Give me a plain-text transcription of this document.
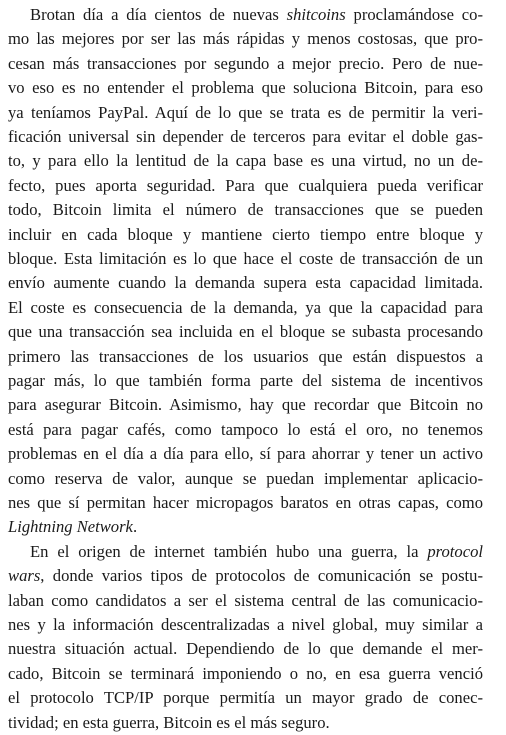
Brotan día a día cientos de nuevas shitcoins proclamándose co-
mo las mejores por ser las más rápidas y menos costosas, que pro-
cesan más transacciones por segundo a mejor precio. Pero de nue-
vo eso es no entender el problema que soluciona Bitcoin, para eso
ya teníamos PayPal. Aquí de lo que se trata es de permitir la veri-
ficación universal sin depender de terceros para evitar el doble gas-
to, y para ello la lentitud de la capa base es una virtud, no un de-
fecto, pues aporta seguridad. Para que cualquiera pueda verificar
todo, Bitcoin limita el número de transacciones que se pueden
incluir en cada bloque y mantiene cierto tiempo entre bloque y
bloque. Esta limitación es lo que hace el coste de transacción de un
envío aumente cuando la demanda supera esta capacidad limitada.
El coste es consecuencia de la demanda, ya que la capacidad para
que una transacción sea incluida en el bloque se subasta procesando
primero las transacciones de los usuarios que están dispuestos a
pagar más, lo que también forma parte del sistema de incentivos
para asegurar Bitcoin. Asimismo, hay que recordar que Bitcoin no
está para pagar cafés, como tampoco lo está el oro, no tenemos
problemas en el día a día para ello, sí para ahorrar y tener un activo
como reserva de valor, aunque se puedan implementar aplicacio-
nes que sí permitan hacer micropagos baratos en otras capas, como
Lightning Network.
En el origen de internet también hubo una guerra, la protocol
wars, donde varios tipos de protocolos de comunicación se postu-
laban como candidatos a ser el sistema central de las comunicacio-
nes y la información descentralizadas a nivel global, muy similar a
nuestra situación actual. Dependiendo de lo que demande el mer-
cado, Bitcoin se terminará imponiendo o no, en esa guerra venció
el protocolo TCP/IP porque permitía un mayor grado de conec-
tividad; en esta guerra, Bitcoin es el más seguro.
